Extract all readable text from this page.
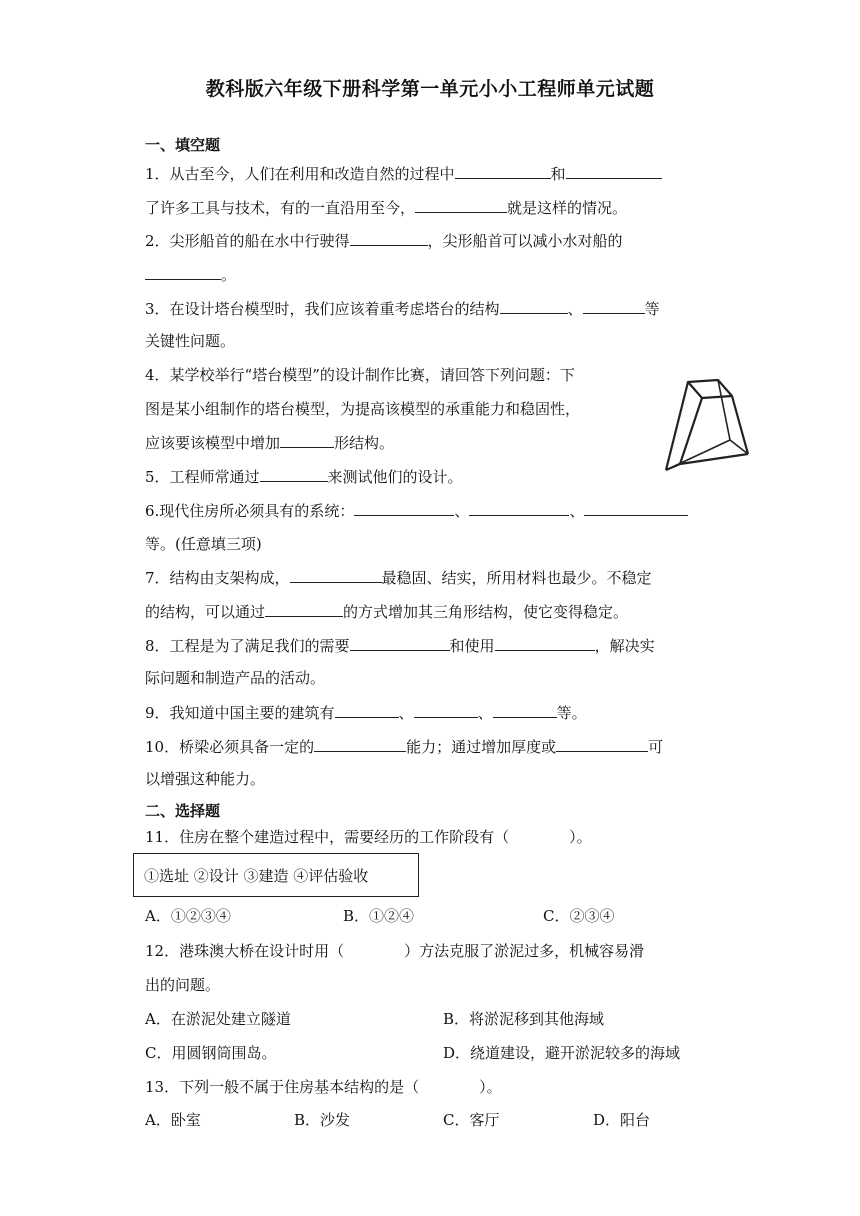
教科版六年级下册科学第一单元小小工程师单元试题
一、填空题
1．从古至今，人们在利用和改造自然的过程中	和
了许多工具与技术，有的一直沿用至今，	就是这样的情况。
2．尖形船首的船在水中行驶得	，尖形船首可以减小水对船的
。
3．在设计塔台模型时，我们应该着重考虑塔台的结构	、	等
关键性问题。
4．某学校举行“塔台模型”的设计制作比赛，请回答下列问题：下
图是某小组制作的塔台模型，为提高该模型的承重能力和稳固性，
应该要该模型中增加	形结构。
5．工程师常通过	来测试他们的设计。
6.现代住房所必须具有的系统：	、	、
等。(任意填三项)
7．结构由支架构成，	最稳固、结实，所用材料也最少。不稳定
的结构，可以通过	的方式增加其三角形结构，使它变得稳定。
8．工程是为了满足我们的需要	和使用	，解决实
际问题和制造产品的活动。
9．我知道中国主要的建筑有	、	、	等。
10．桥梁必须具备一定的	能力；通过增加厚度或	可
以增强这种能力。
二、选择题
11．住房在整个建造过程中，需要经历的工作阶段有（　　　　）。
①选址 ②设计 ③建造 ④评估验收
A．①②③④	B．①②④	C．②③④
12．港珠澳大桥在设计时用（　　　　）方法克服了淤泥过多，机械容易滑
出的问题。
A．在淤泥处建立隧道	B．将淤泥移到其他海域
C．用圆钢筒围岛。	D．绕道建设，避开淤泥较多的海域
13．下列一般不属于住房基本结构的是（　　　　）。
A．卧室	B．沙发	C．客厅	D．阳台
